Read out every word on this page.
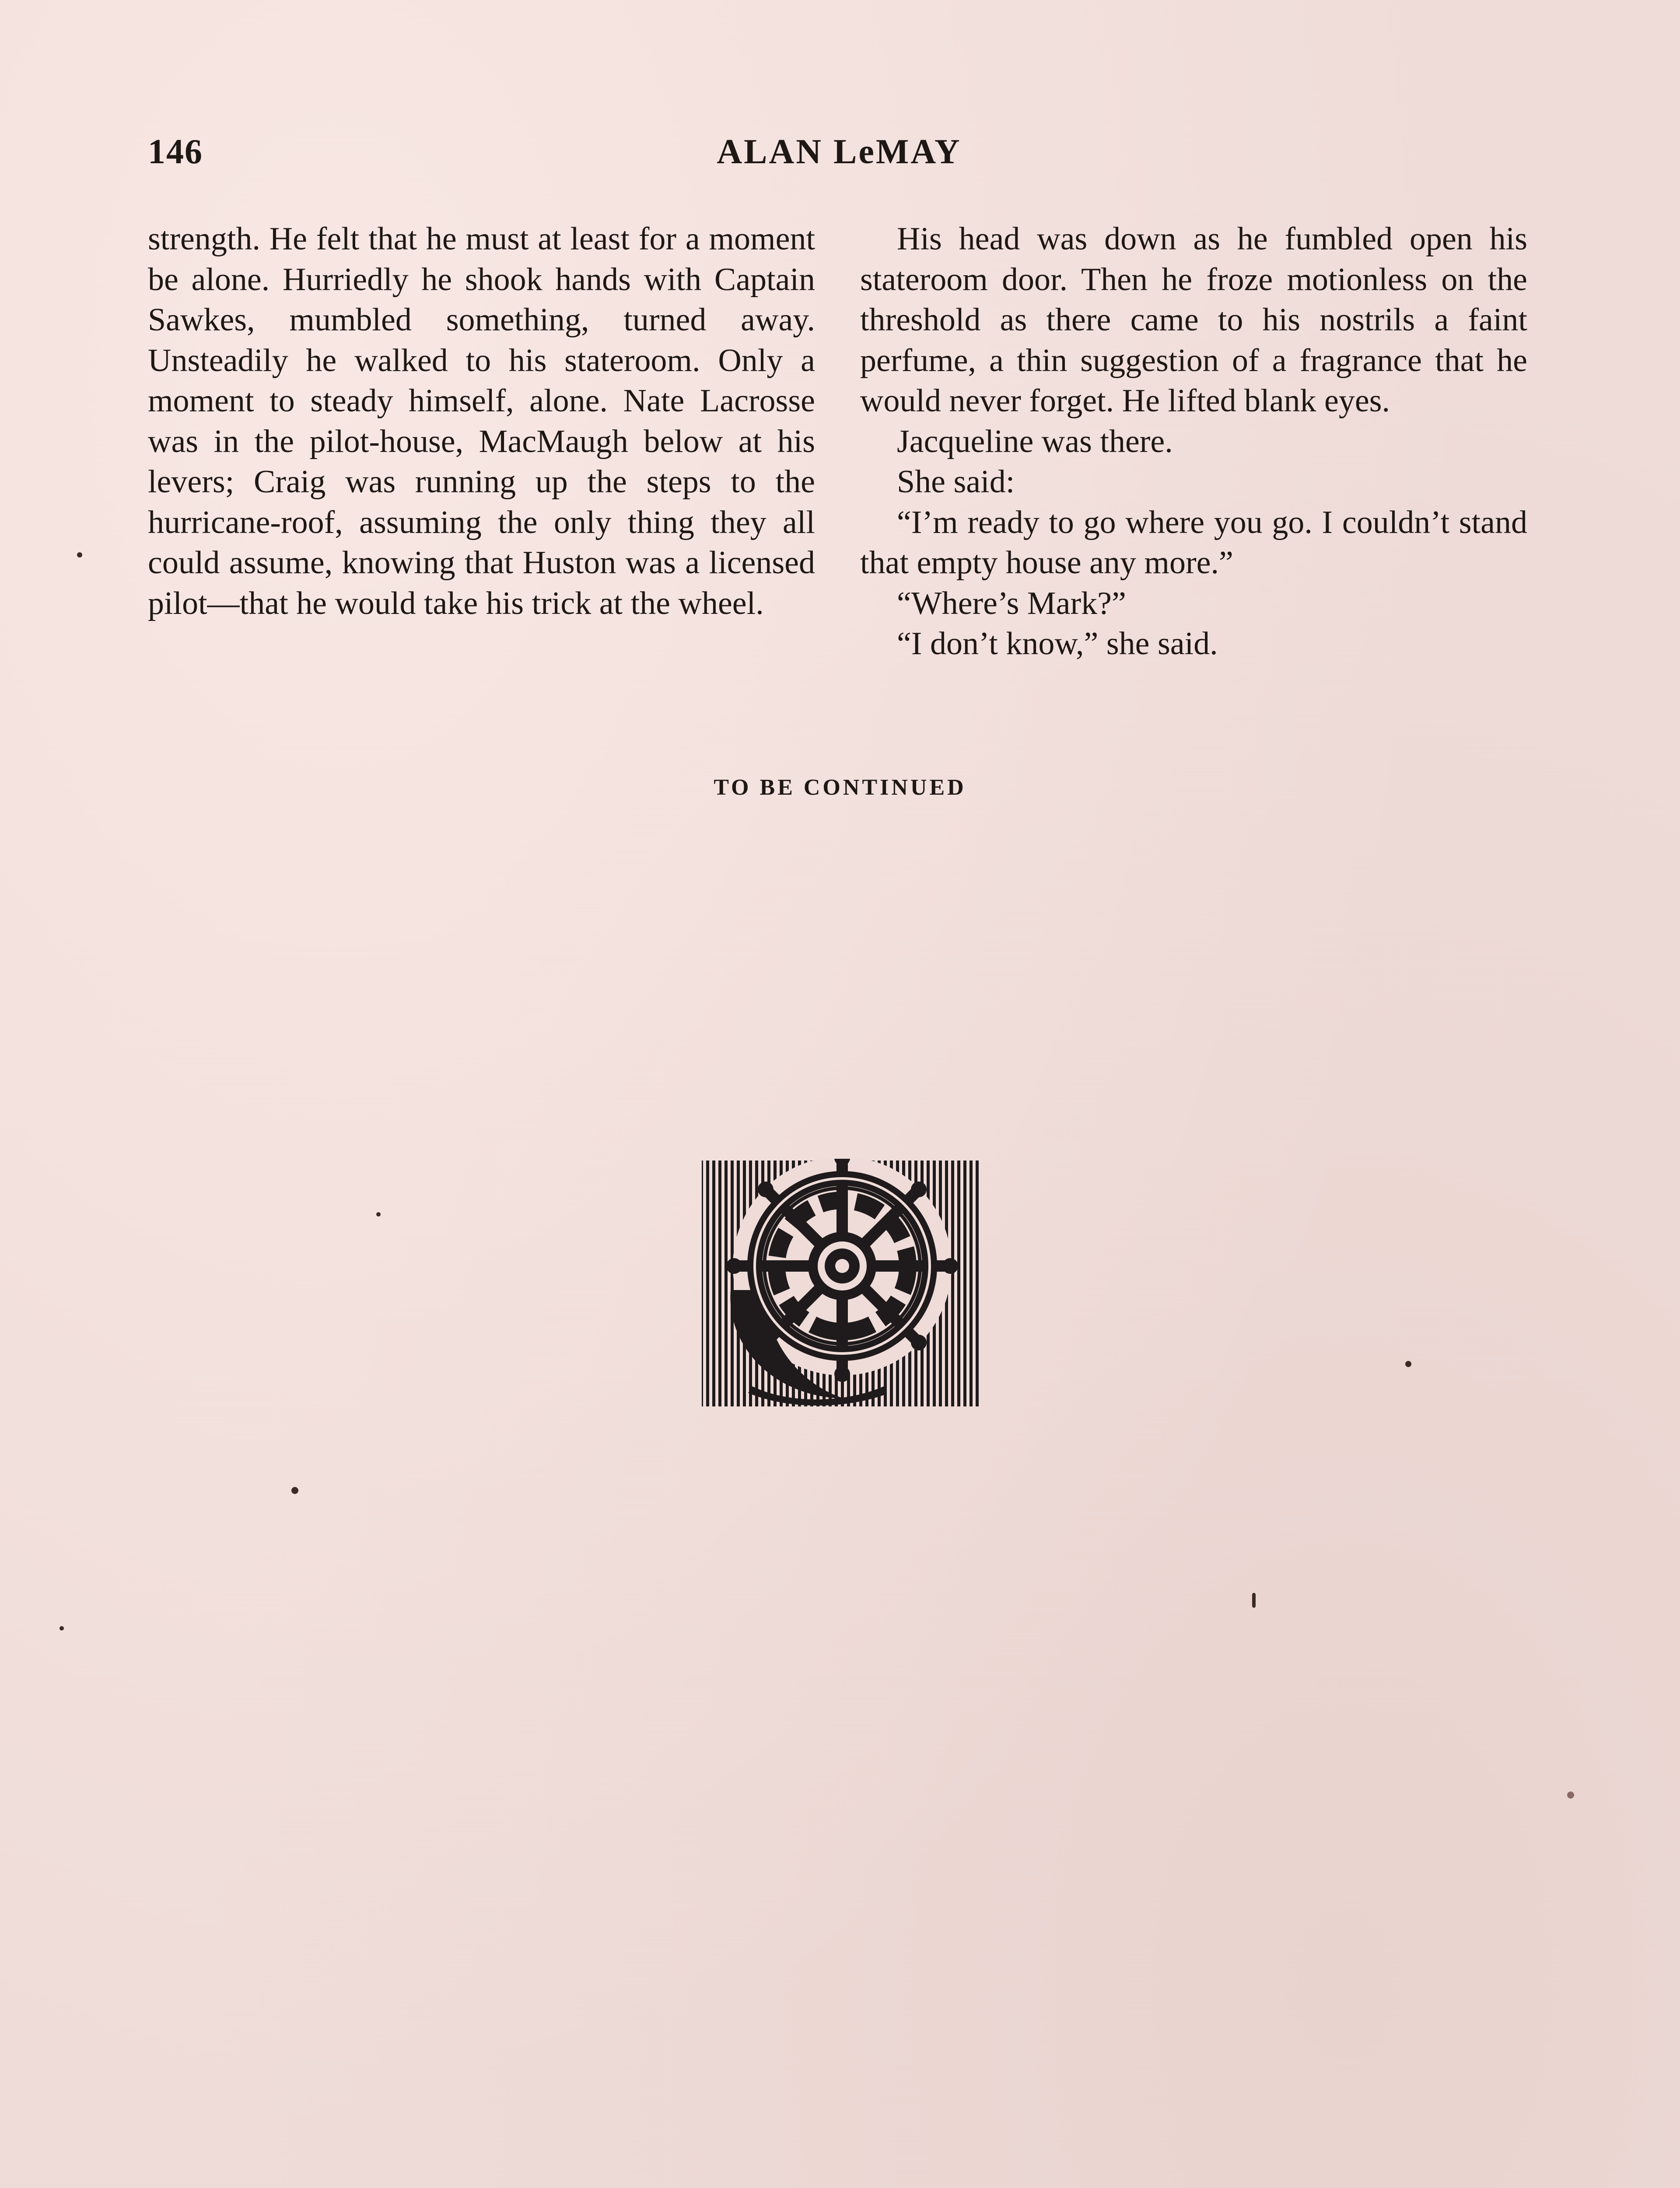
146	ALAN LeMAY

strength. He felt that he must at least for a moment be alone. Hurriedly he shook hands with Captain Sawkes, mumbled something, turned away. Unsteadily he walked to his stateroom. Only a moment to steady himself, alone. Nate Lacrosse was in the pilot-house, MacMaugh below at his levers; Craig was running up the steps to the hurricane-roof, assuming the only thing they all could assume, knowing that Huston was a licensed pilot—that he would take his trick at the wheel.

His head was down as he fumbled open his stateroom door. Then he froze motionless on the threshold as there came to his nostrils a faint perfume, a thin suggestion of a fragrance that he would never forget. He lifted blank eyes.

Jacqueline was there.

She said:

“I’m ready to go where you go. I couldn’t stand that empty house any more.”

“Where’s Mark?”

“I don’t know,” she said.

TO BE CONTINUED
